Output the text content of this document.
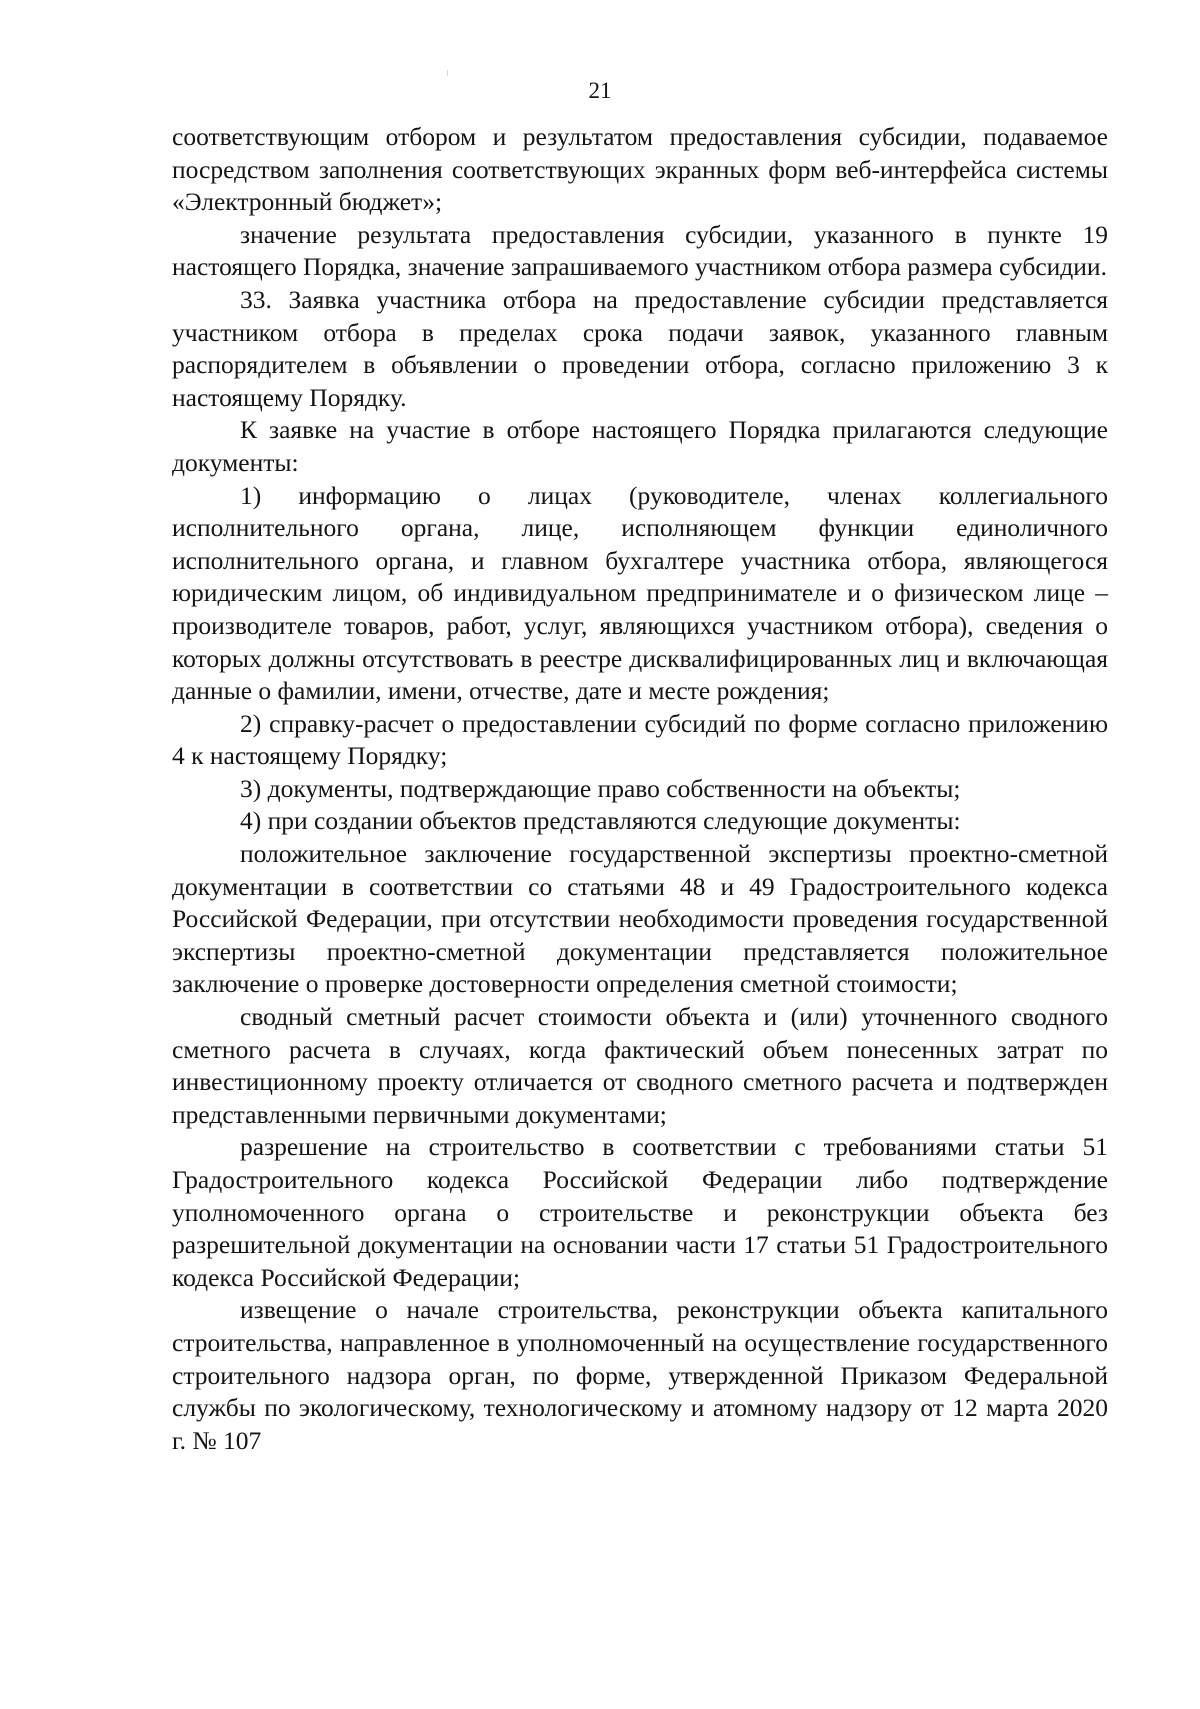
21

соответствующим отбором и результатом предоставления субсидии, подаваемое посредством заполнения соответствующих экранных форм веб-интерфейса системы «Электронный бюджет»;

значение результата предоставления субсидии, указанного в пункте 19 настоящего Порядка, значение запрашиваемого участником отбора размера субсидии.

33. Заявка участника отбора на предоставление субсидии представляется участником отбора в пределах срока подачи заявок, указанного главным распорядителем в объявлении о проведении отбора, согласно приложению 3 к настоящему Порядку.

К заявке на участие в отборе настоящего Порядка прилагаются следующие документы:

1) информацию о лицах (руководителе, членах коллегиального исполнительного органа, лице, исполняющем функции единоличного исполнительного органа, и главном бухгалтере участника отбора, являющегося юридическим лицом, об индивидуальном предпринимателе и о физическом лице – производителе товаров, работ, услуг, являющихся участником отбора), сведения о которых должны отсутствовать в реестре дисквалифицированных лиц и включающая данные о фамилии, имени, отчестве, дате и месте рождения;

2) справку-расчет о предоставлении субсидий по форме согласно приложению 4 к настоящему Порядку;

3) документы, подтверждающие право собственности на объекты;

4) при создании объектов представляются следующие документы:

положительное заключение государственной экспертизы проектно-сметной документации в соответствии со статьями 48 и 49 Градостроительного кодекса Российской Федерации, при отсутствии необходимости проведения государственной экспертизы проектно-сметной документации представляется положительное заключение о проверке достоверности определения сметной стоимости;

сводный сметный расчет стоимости объекта и (или) уточненного сводного сметного расчета в случаях, когда фактический объем понесенных затрат по инвестиционному проекту отличается от сводного сметного расчета и подтвержден представленными первичными документами;

разрешение на строительство в соответствии с требованиями статьи 51 Градостроительного кодекса Российской Федерации либо подтверждение уполномоченного органа о строительстве и реконструкции объекта без разрешительной документации на основании части 17 статьи 51 Градостроительного кодекса Российской Федерации;

извещение о начале строительства, реконструкции объекта капитального строительства, направленное в уполномоченный на осуществление государственного строительного надзора орган, по форме, утвержденной Приказом Федеральной службы по экологическому, технологическому и атомному надзору от 12 марта 2020 г. № 107
